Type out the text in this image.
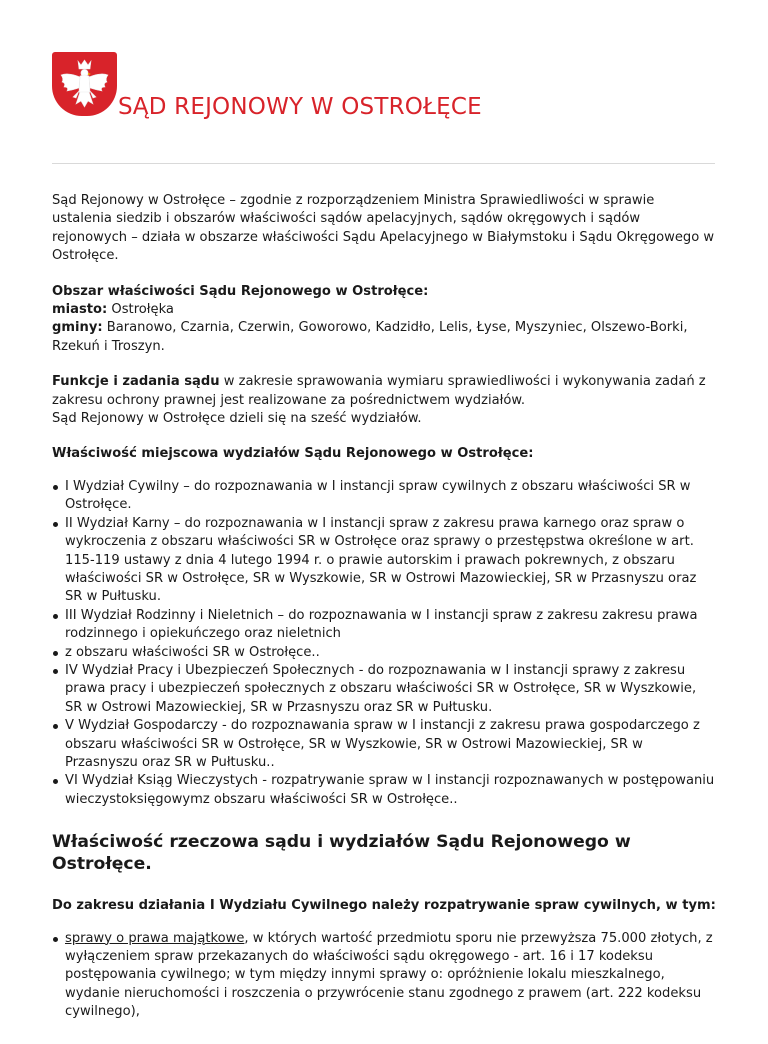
SĄD REJONOWY W OSTROŁĘCE

Sąd Rejonowy w Ostrołęce – zgodnie z rozporządzeniem Ministra Sprawiedliwości w sprawie ustalenia siedzib i obszarów właściwości sądów apelacyjnych, sądów okręgowych i sądów rejonowych – działa w obszarze właściwości Sądu Apelacyjnego w Białymstoku i Sądu Okręgowego w Ostrołęce.

Obszar właściwości Sądu Rejonowego w Ostrołęce:
miasto: Ostrołęka
gminy: Baranowo, Czarnia, Czerwin, Goworowo, Kadzidło, Lelis, Łyse, Myszyniec, Olszewo-Borki, Rzekuń i Troszyn.

Funkcje i zadania sądu w zakresie sprawowania wymiaru sprawiedliwości i wykonywania zadań z zakresu ochrony prawnej jest realizowane za pośrednictwem wydziałów.
Sąd Rejonowy w Ostrołęce dzieli się na sześć wydziałów.

Właściwość miejscowa wydziałów Sądu Rejonowego w Ostrołęce:

I Wydział Cywilny – do rozpoznawania w I instancji spraw cywilnych z obszaru właściwości SR w Ostrołęce.
II Wydział Karny – do rozpoznawania w I instancji spraw z zakresu prawa karnego oraz spraw o wykroczenia z obszaru właściwości SR w Ostrołęce oraz sprawy o przestępstwa określone w art. 115-119 ustawy z dnia 4 lutego 1994 r. o prawie autorskim i prawach pokrewnych, z obszaru właściwości SR w Ostrołęce, SR w Wyszkowie, SR w Ostrowi Mazowieckiej, SR w Przasnyszu oraz SR w Pułtusku.
III Wydział Rodzinny i Nieletnich – do rozpoznawania w I instancji spraw z zakresu zakresu prawa rodzinnego i opiekuńczego oraz nieletnich
z obszaru właściwości SR w Ostrołęce..
IV Wydział Pracy i Ubezpieczeń Społecznych - do rozpoznawania w I instancji sprawy z zakresu prawa pracy i ubezpieczeń społecznych z obszaru właściwości SR w Ostrołęce, SR w Wyszkowie, SR w Ostrowi Mazowieckiej, SR w Przasnyszu oraz SR w Pułtusku.
V Wydział Gospodarczy - do rozpoznawania spraw w I instancji z zakresu prawa gospodarczego z obszaru właściwości SR w Ostrołęce, SR w Wyszkowie, SR w Ostrowi Mazowieckiej, SR w Przasnyszu oraz SR w Pułtusku..
VI Wydział Ksiąg Wieczystych - rozpatrywanie spraw w I instancji rozpoznawanych w postępowaniu wieczystoksięgowymz obszaru właściwości SR w Ostrołęce..
Właściwość rzeczowa sądu i wydziałów Sądu Rejonowego w Ostrołęce.

Do zakresu działania I Wydziału Cywilnego należy rozpatrywanie spraw cywilnych, w tym:

sprawy o prawa majątkowe, w których wartość przedmiotu sporu nie przewyższa 75.000 złotych, z wyłączeniem spraw przekazanych do właściwości sądu okręgowego - art. 16 i 17 kodeksu postępowania cywilnego; w tym między innymi sprawy o: opróżnienie lokalu mieszkalnego, wydanie nieruchomości i roszczenia o przywrócenie stanu zgodnego z prawem (art. 222 kodeksu cywilnego),
